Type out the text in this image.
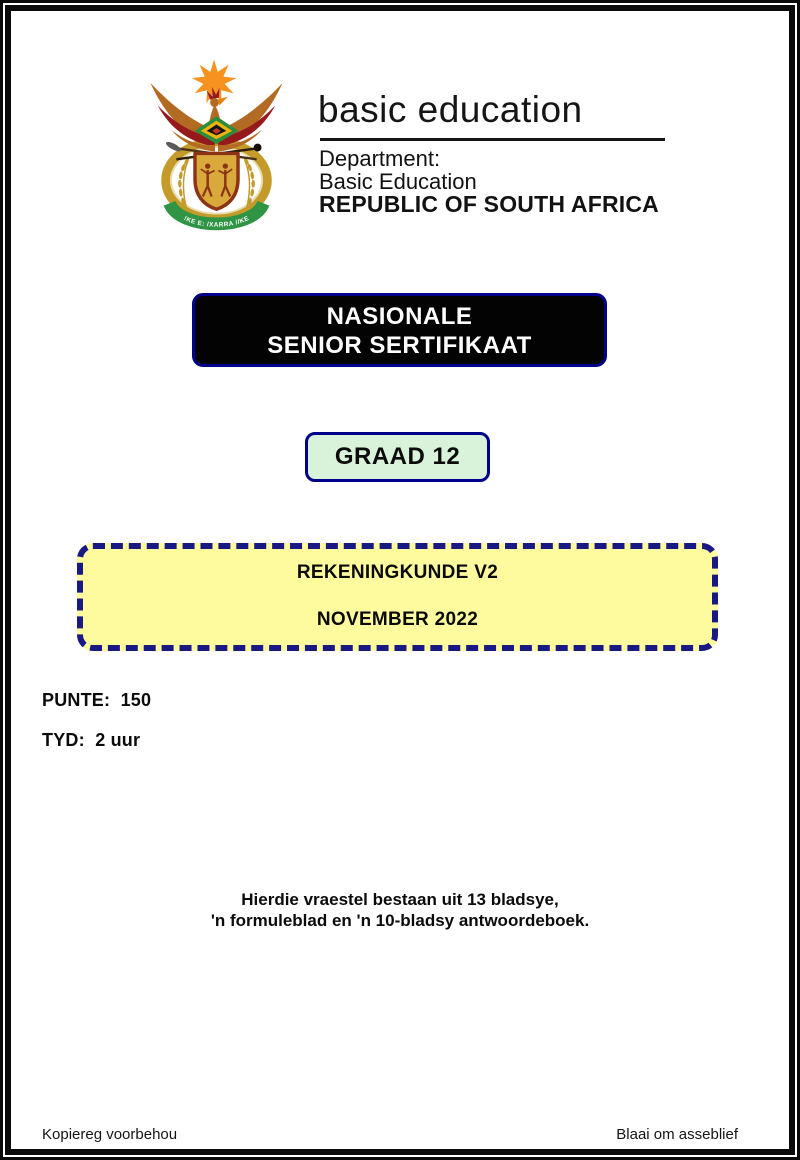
!KE E: /XARRA //KE
basic education
Department:
Basic Education
REPUBLIC OF SOUTH AFRICA
NASIONALE
SENIOR SERTIFIKAAT
GRAAD 12
REKENINGKUNDE V2
NOVEMBER 2022
PUNTE:  150
TYD:  2 uur
Hierdie vraestel bestaan uit 13 bladsye,
'n formuleblad en 'n 10-bladsy antwoordeboek.
Kopiereg voorbehou	Blaai om asseblief
